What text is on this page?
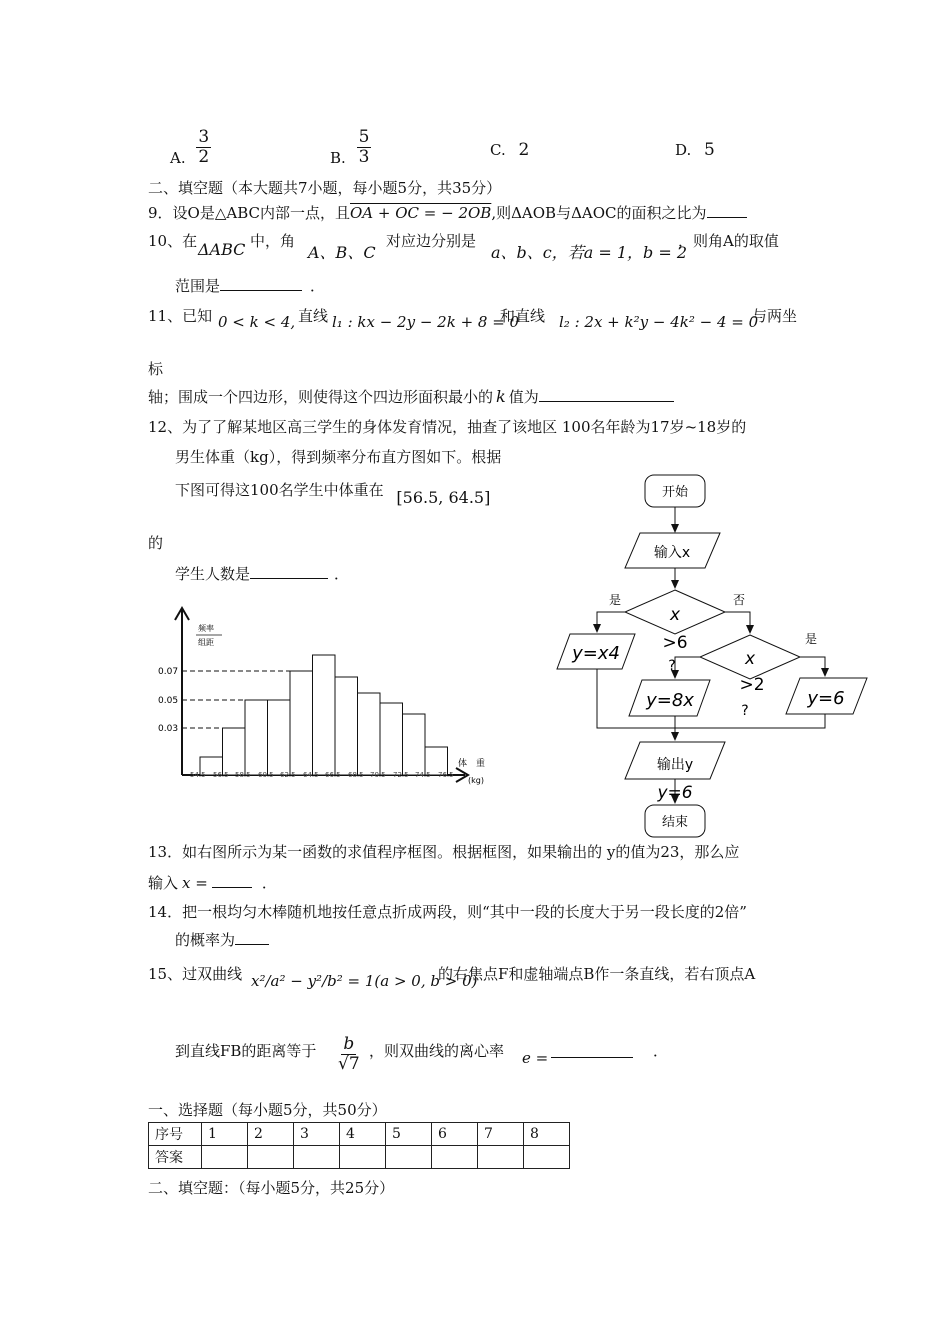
A. $\frac{3}{2}$	B. $\frac{5}{3}$	C. 2	D. 5
二、填空题（本大题共7小题，每小题5分，共35分）
9．设O是△ABC内部一点，且OA + OC = − 2OB,则ΔAOB与ΔAOC的面积之比为
10、在 ΔABC 中，角
A、B、C
对应边分别是
a、b、c，若a = 1，b = 2
，则角A的取值
范围是	．
11、已知 0 < k < 4, 直线 l₁ : kx − 2y − 2k + 8 = 0
和直线 l₂ : 2x + k²y − 4k² − 4 = 0
与两坐
标
轴；围成一个四边形，则使得这个四边形面积最小的 k 值为
12、为了了解某地区高三学生的身体发育情况，抽查了该地区 100名年龄为17岁~18岁的
男生体重（kg），得到频率分布直方图如下。根据
下图可得这100名学生中体重在 [56.5, 64.5]
的
学生人数是	．
频率
组距
0.07
0.05
0.03
54.5 56.5 58.5 60.5 62.5 64.5 66.5 68.5 70.5 72.5 74.5 76.5
体　重
(kg)
开始
输入x
x
>6
?
是	否
y=x4	x
>2
?
是
y=8x	y=6
输出y
y=6
结束
13．如右图所示为某一函数的求值程序框图。根据框图，如果输出的 y的值为23，那么应
输入 x =	．
14．把一根均匀木棒随机地按任意点折成两段，则“其中一段的长度大于另一段长度的2倍”
的概率为
15、过双曲线 x²/a² − y²/b² = 1(a > 0, b > 0)
的右焦点F和虚轴端点B作一条直线，若右顶点A
到直线FB的距离等于 $\frac{b}{√7}$ ，则双曲线的离心率 e =	．
一、选择题（每小题5分，共50分）
序号	1	2	3	4	5	6	7	8
答案								
二、填空题：（每小题5分，共25分）
